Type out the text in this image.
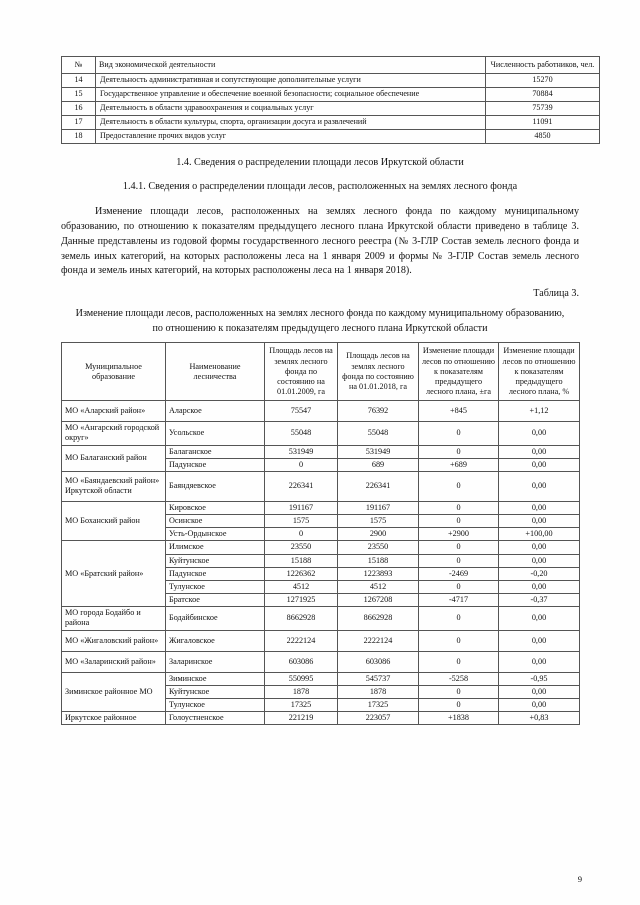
№	Вид экономической деятельности	Численность работников, чел.
14	Деятельность административная и сопутствующие дополнительные услуги	15270
15	Государственное управление и обеспечение военной безопасности; социальное обеспечение	70884
16	Деятельность в области здравоохранения и социальных услуг	75739
17	Деятельность в области культуры, спорта, организации досуга и развлечений	11091
18	Предоставление прочих видов услуг	4850

1.4. Сведения о распределении площади лесов Иркутской области

1.4.1. Сведения о распределении площади лесов, расположенных на землях лесного фонда

Изменение площади лесов, расположенных на землях лесного фонда по каждому муниципальному образованию, по отношению к показателям предыдущего лесного плана Иркутской области приведено в таблице 3. Данные представлены из годовой формы государственного лесного реестра (№ 3-ГЛР Состав земель лесного фонда и земель иных категорий, на которых расположены леса на 1 января 2009 и формы № 3-ГЛР Состав земель лесного фонда и земель иных категорий, на которых расположены леса на 1 января 2018).

Таблица 3.

Изменение площади лесов, расположенных на землях лесного фонда по каждому муниципальному образованию, по отношению к показателям предыдущего лесного плана Иркутской области

Муниципальное образование	Наименование лесничества	Площадь лесов на землях лесного фонда по состоянию на 01.01.2009, га	Площадь лесов на землях лесного фонда по состоянию на 01.01.2018, га	Изменение площади лесов по отношению к показателям предыдущего лесного плана, ±га	Изменение площади лесов по отношению к показателям предыдущего лесного плана, %
МО «Аларский район»	Аларское	75547	76392	+845	+1,12
МО «Ангарский городской округ»	Усольское	55048	55048	0	0,00
МО Балаганский район	Балаганское	531949	531949	0	0,00
	Падунское	0	689	+689	0,00
МО «Баяндаевский район» Иркутской области	Баяндяевское	226341	226341	0	0,00
МО Боханский район	Кировское	191167	191167	0	0,00
	Осинское	1575	1575	0	0,00
	Усть-Ордынское	0	2900	+2900	+100,00
МО «Братский район»	Илимское	23550	23550	0	0,00
	Куйтунское	15188	15188	0	0,00
	Падунское	1226362	1223893	-2469	-0,20
	Тулунское	4512	4512	0	0,00
	Братское	1271925	1267208	-4717	-0,37
МО города Бодайбо и района	Бодайбинское	8662928	8662928	0	0,00
МО «Жигаловский район»	Жигаловское	2222124	2222124	0	0,00
МО «Заларинский район»	Заларинское	603086	603086	0	0,00
Зиминское районное МО	Зиминское	550995	545737	-5258	-0,95
	Куйтунское	1878	1878	0	0,00
	Тулунское	17325	17325	0	0,00
Иркутское районное	Голоустненское	221219	223057	+1838	+0,83
9
